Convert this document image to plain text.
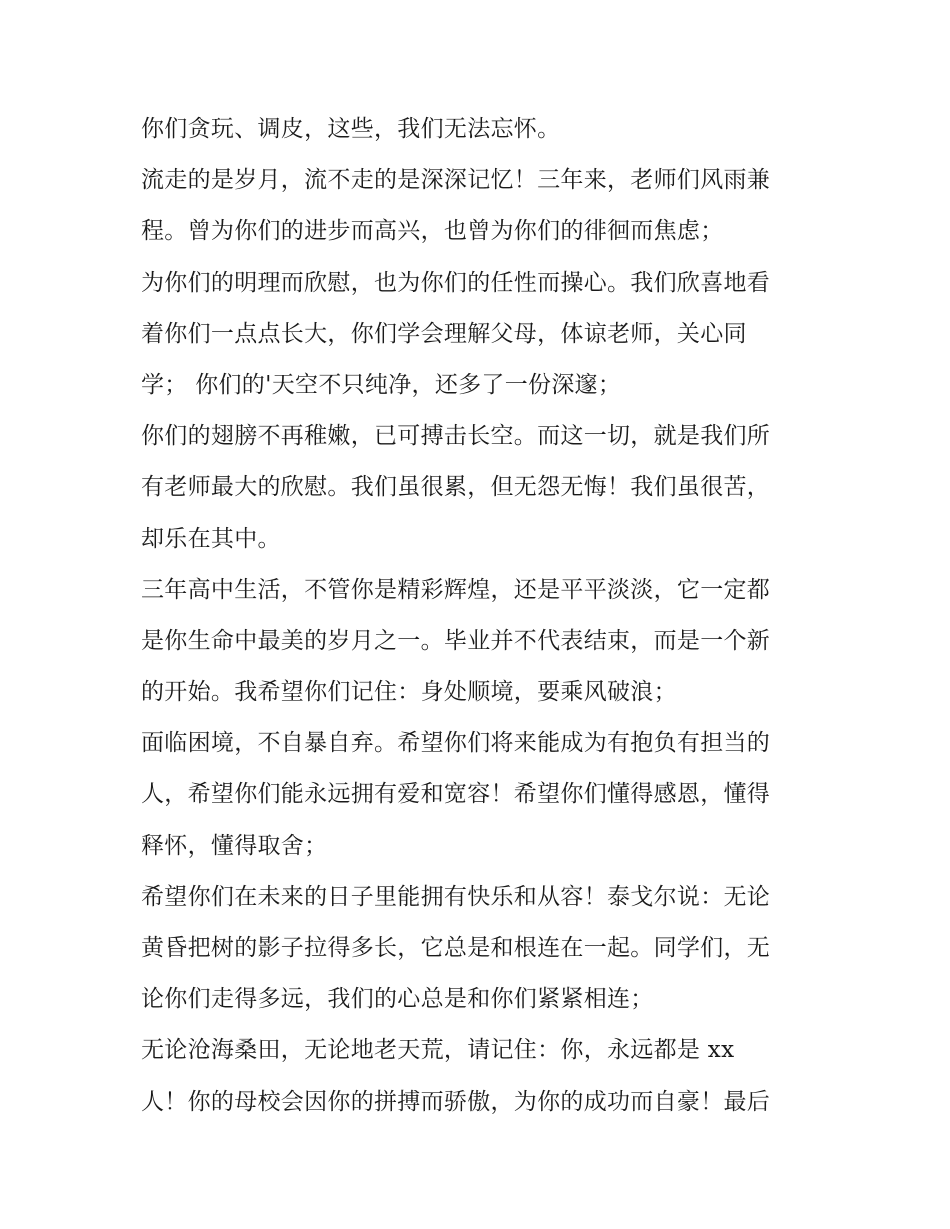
你们贪玩、调皮，这些，我们无法忘怀。
流走的是岁月，流不走的是深深记忆！三年来，老师们风雨兼
程。曾为你们的进步而高兴，也曾为你们的徘徊而焦虑；
为你们的明理而欣慰，也为你们的任性而操心。我们欣喜地看
着你们一点点长大，你们学会理解父母，体谅老师，关心同
学； 你们的'天空不只纯净，还多了一份深邃；
你们的翅膀不再稚嫩，已可搏击长空。而这一切，就是我们所
有老师最大的欣慰。我们虽很累，但无怨无悔！我们虽很苦，
却乐在其中。
三年高中生活，不管你是精彩辉煌，还是平平淡淡，它一定都
是你生命中最美的岁月之一。毕业并不代表结束，而是一个新
的开始。我希望你们记住：身处顺境，要乘风破浪；
面临困境，不自暴自弃。希望你们将来能成为有抱负有担当的
人，希望你们能永远拥有爱和宽容！希望你们懂得感恩，懂得
释怀，懂得取舍；
希望你们在未来的日子里能拥有快乐和从容！泰戈尔说：无论
黄昏把树的影子拉得多长，它总是和根连在一起。同学们，无
论你们走得多远，我们的心总是和你们紧紧相连；
无论沧海桑田，无论地老天荒，请记住：你，永远都是 xx
人！你的母校会因你的拼搏而骄傲，为你的成功而自豪！最后
